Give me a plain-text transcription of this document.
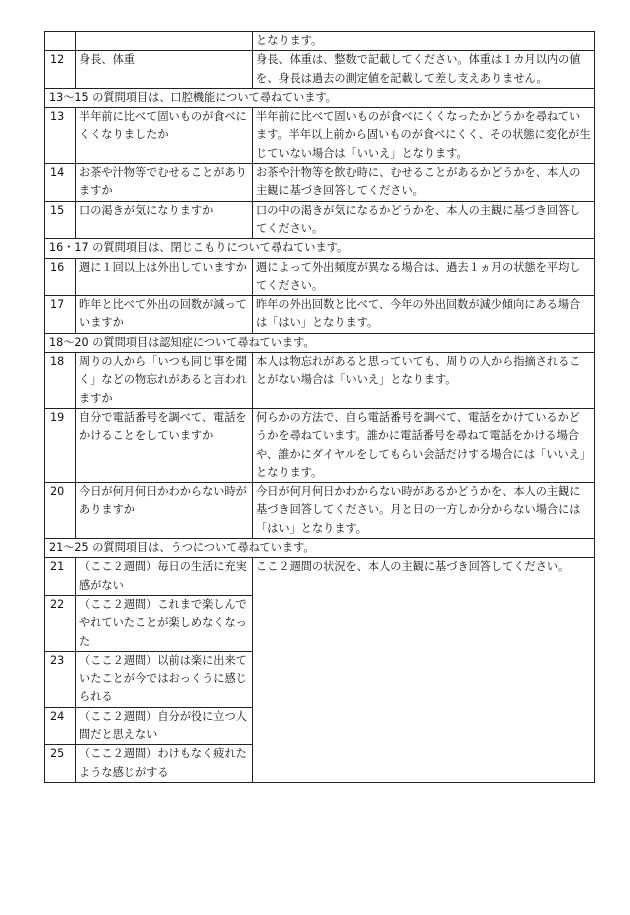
		となります。
12	身長、体重	身長、体重は、整数で記載してください。体重は１カ月以内の値を、身長は過去の測定値を記載して差し支えありません。
13～15 の質問項目は、口腔機能について尋ねています。		
13	半年前に比べて固いものが食べにくくなりましたか	半年前に比べて固いものが食べにくくなったかどうかを尋ねています。半年以上前から固いものが食べにくく、その状態に変化が生じていない場合は「いいえ」となります。
14	お茶や汁物等でむせることがありますか	お茶や汁物等を飲む時に、むせることがあるかどうかを、本人の主観に基づき回答してください。
15	口の渇きが気になりますか	口の中の渇きが気になるかどうかを、本人の主観に基づき回答してください。
16・17 の質問項目は、閉じこもりについて尋ねています。		
16	週に１回以上は外出していますか	週によって外出頻度が異なる場合は、過去１ヵ月の状態を平均してください。
17	昨年と比べて外出の回数が減っていますか	昨年の外出回数と比べて、今年の外出回数が減少傾向にある場合は「はい」となります。
18～20 の質問項目は認知症について尋ねています。		
18	周りの人から「いつも同じ事を聞く」などの物忘れがあると言われますか	本人は物忘れがあると思っていても、周りの人から指摘されることがない場合は「いいえ」となります。
19	自分で電話番号を調べて、電話をかけることをしていますか	何らかの方法で、自ら電話番号を調べて、電話をかけているかどうかを尋ねています。誰かに電話番号を尋ねて電話をかける場合や、誰かにダイヤルをしてもらい会話だけする場合には「いいえ」となります。
20	今日が何月何日かわからない時がありますか	今日が何月何日かわからない時があるかどうかを、本人の主観に基づき回答してください。月と日の一方しか分からない場合には「はい」となります。
21～25 の質問項目は、うつについて尋ねています。		
21	（ここ２週間）毎日の生活に充実感がない	ここ２週間の状況を、本人の主観に基づき回答してください。
22	（ここ２週間）これまで楽しんでやれていたことが楽しめなくなった	
23	（ここ２週間）以前は楽に出来ていたことが今ではおっくうに感じられる	
24	（ここ２週間）自分が役に立つ人間だと思えない	
25	（ここ２週間）わけもなく疲れたような感じがする	
